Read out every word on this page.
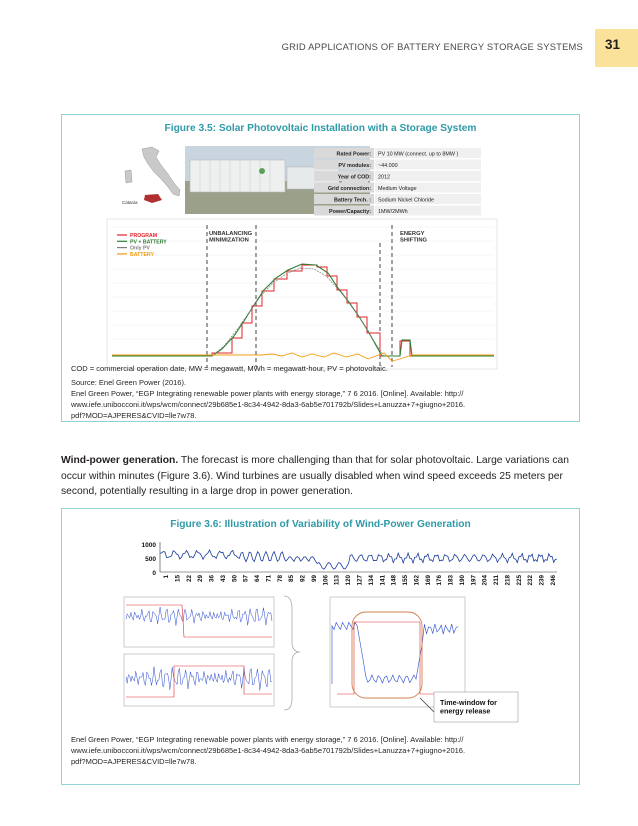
GRID APPLICATIONS OF BATTERY ENERGY STORAGE SYSTEMS 31
Figure 3.5: Solar Photovoltaic Installation with a Storage System
Catania
Rated Power: PV 10 MW (connect. up to 8MW )
PV modules: ~44.000
Year of COD: 2012
Grid connection: Medium Voltage
Battery Tech. : Sodium Nickel Chloride
Power/Capacity: 1MW/2MWh
UNBALANCING MINIMIZATION
ENERGY SHIFTING
PROGRAM
PV + BATTERY
Only PV
BATTERY

COD = commercial operation date, MW = megawatt, MWh = megawatt-hour, PV = photovoltaic.

Source: Enel Green Power (2016).

Enel Green Power, “EGP Integrating renewable power plants with energy storage,” 7 6 2016. [Online]. Available: http://

www.iefe.unibocconi.it/wps/wcm/connect/29b685e1-8c34-4942-8da3-6ab5e701792b/Slides+Lanuzza+7+giugno+2016.

pdf?MOD=AJPERES&CVID=lle7w78.

Wind-power generation. The forecast is more challenging than that for solar photovoltaic. Large variations can occur within minutes (Figure 3.6). Wind turbines are usually disabled when wind speed exceeds 25 meters per second, potentially resulting in a large drop in power generation.
Figure 3.6: Illustration of Variability of Wind-Power Generation
1000
500
0 1 15 22 29 36 43 50 57 64 71 78 85 92 99 106 113 120 127 134 141 148 155 162 169 176 183 190 197 204 211 218 225 232 239 246
Time-window for energy release

Enel Green Power, “EGP Integrating renewable power plants with energy storage,” 7 6 2016. [Online]. Available: http://

www.iefe.unibocconi.it/wps/wcm/connect/29b685e1-8c34-4942-8da3-6ab5e701792b/Slides+Lanuzza+7+giugno+2016.

pdf?MOD=AJPERES&CVID=lle7w78.
